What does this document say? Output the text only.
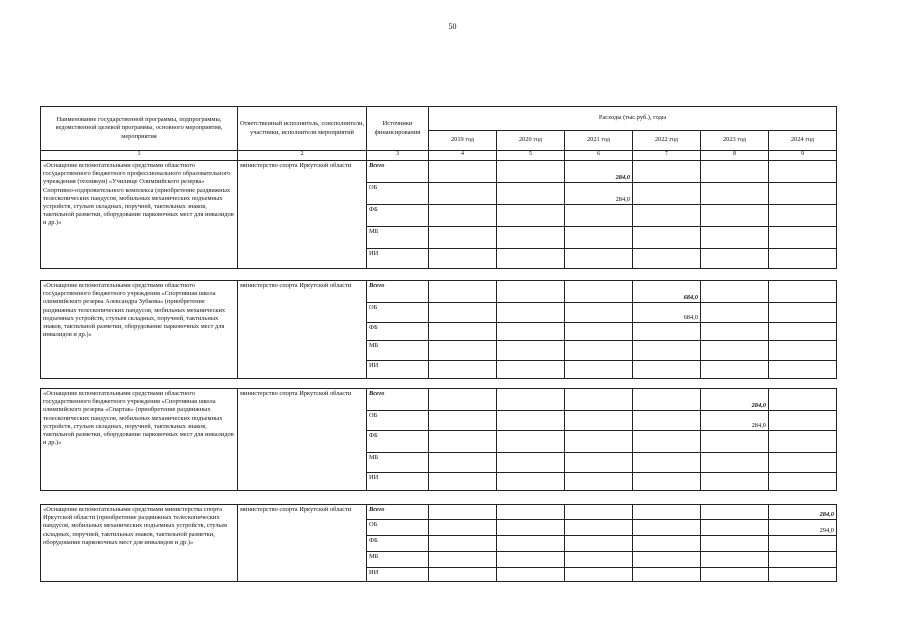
50
Наименование государственной программы, подпрограммы, ведомственной целевой программы, основного мероприятия, мероприятия	Ответственный исполнитель, соисполнители, участники, исполнители мероприятий	Источники финансирования	Расходы (тыс.руб.), годы					
			2019 год	2020 год	2021 год	2022 год	2023 год	2024 год
1	2	3	4	5	6	7	8	9
«Оснащение вспомогательными средствами областного государственного бюджетного профессионального образовательного учреждения (техникум) «Училище Олимпийского резерва» Спортивно-оздоровительного комплекса (приобретение раздвижных телескопических пандусов, мобильных механических подъемных устройств, стульев складных, поручней, тактильных знаков, тактильной разметки, оборудование парковочных мест для инвалидов и др.)»	министерство спорта Иркутской области	Всего			284,0			
		ОБ			284,0			
		ФБ						
		МБ						
		ИИ						

«Оснащение вспомогательными средствами областного государственного бюджетного учреждения «Спортивная школа олимпийского резерва Александра Зубкова» (приобретение раздвижных телескопических пандусов, мобильных механических подъемных устройств, стульев складных, поручней, тактильных знаков, тактильной разметки, оборудование парковочных мест для инвалидов и др.)»	министерство спорта Иркутской области	Всего				684,0		
		ОБ				684,0		
		ФБ						
		МБ						
		ИИ						

«Оснащение вспомогательными средствами областного государственного бюджетного учреждения «Спортивная школа олимпийского резерва «Спартак» (приобретение раздвижных телескопических пандусов, мобильных механических подъемных устройств, стульев складных, поручней, тактильных знаков, тактильной разметки, оборудование парковочных мест для инвалидов и др.)»	министерство спорта Иркутской области	Всего					284,0	
		ОБ					284,0	
		ФБ						
		МБ						
		ИИ						

«Оснащение вспомогательными средствами министерства спорта Иркутской области (приобретение раздвижных телескопических пандусов, мобильных механических подъемных устройств, стульев складных, поручней, тактильных знаков, тактильной разметки, оборудование парковочных мест для инвалидов и др.)»	министерство спорта Иркутской области	Всего						284,0
		ОБ						294,0
		ФБ						
		МБ						
		ИИ						
